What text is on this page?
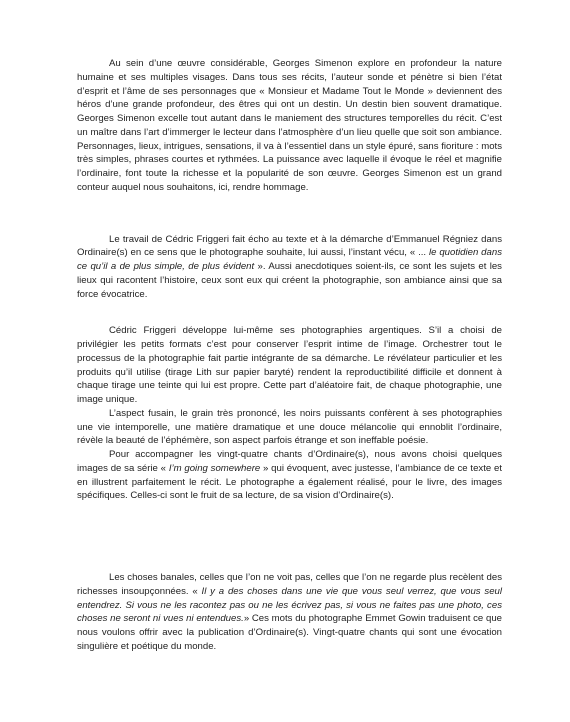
Au sein d’une œuvre considérable, Georges Simenon explore en profondeur la nature humaine et ses multiples visages. Dans tous ses récits, l’auteur sonde et pénètre si bien l’état d’esprit et l’âme de ses personnages que « Monsieur et Madame Tout le Monde » deviennent des héros d’une grande profondeur, des êtres qui ont un destin. Un destin bien souvent dramatique. Georges Simenon excelle tout autant dans le maniement des structures temporelles du récit. C’est un maître dans l’art d’immerger le lecteur dans l’atmosphère d’un lieu quelle que soit son ambiance. Personnages, lieux, intrigues, sensations, il va à l’essentiel dans un style épuré, sans fioriture : mots très simples, phrases courtes et rythmées. La puissance avec laquelle il évoque le réel et magnifie l’ordinaire, font toute la richesse et la popularité de son œuvre. Georges Simenon est un grand conteur auquel nous souhaitons, ici, rendre hommage.

Le travail de Cédric Friggeri fait écho au texte et à la démarche d’Emmanuel Régniez dans Ordinaire(s) en ce sens que le photographe souhaite, lui aussi, l’instant vécu, « ... le quotidien dans ce qu’il a de plus simple, de plus évident ». Aussi anecdotiques soient-ils, ce sont les sujets et les lieux qui racontent l’histoire, ceux sont eux qui créent la photographie, son ambiance ainsi que sa force évocatrice.

Cédric Friggeri développe lui-même ses photographies argentiques. S’il a choisi de privilégier les petits formats c’est pour conserver l’esprit intime de l’image. Orchestrer tout le processus de la photographie fait partie intégrante de sa démarche. Le révélateur particulier et les produits qu’il utilise (tirage Lith sur papier baryté) rendent la reproductibilité difficile et donnent à chaque tirage une teinte qui lui est propre. Cette part d’aléatoire fait, de chaque photographie, une image unique.

L’aspect fusain, le grain très prononcé, les noirs puissants confèrent à ses photographies une vie intemporelle, une matière dramatique et une douce mélancolie qui ennoblit l’ordinaire, révèle la beauté de l’éphémère, son aspect parfois étrange et son ineffable poésie.

Pour accompagner les vingt-quatre chants d’Ordinaire(s), nous avons choisi quelques images de sa série « I’m going somewhere » qui évoquent, avec justesse, l’ambiance de ce texte et en illustrent parfaitement le récit. Le photographe a également réalisé, pour le livre, des images spécifiques. Celles-ci sont le fruit de sa lecture, de sa vision d’Ordinaire(s).

Les choses banales, celles que l’on ne voit pas, celles que l’on ne regarde plus recèlent des richesses insoupçonnées. « Il y a des choses dans une vie que vous seul verrez, que vous seul entendrez. Si vous ne les racontez pas ou ne les écrivez pas, si vous ne faites pas une photo, ces choses ne seront ni vues ni entendues.» Ces mots du photographe Emmet Gowin traduisent ce que nous voulons offrir avec la publication d’Ordinaire(s). Vingt-quatre chants qui sont une évocation singulière et poétique du monde.
